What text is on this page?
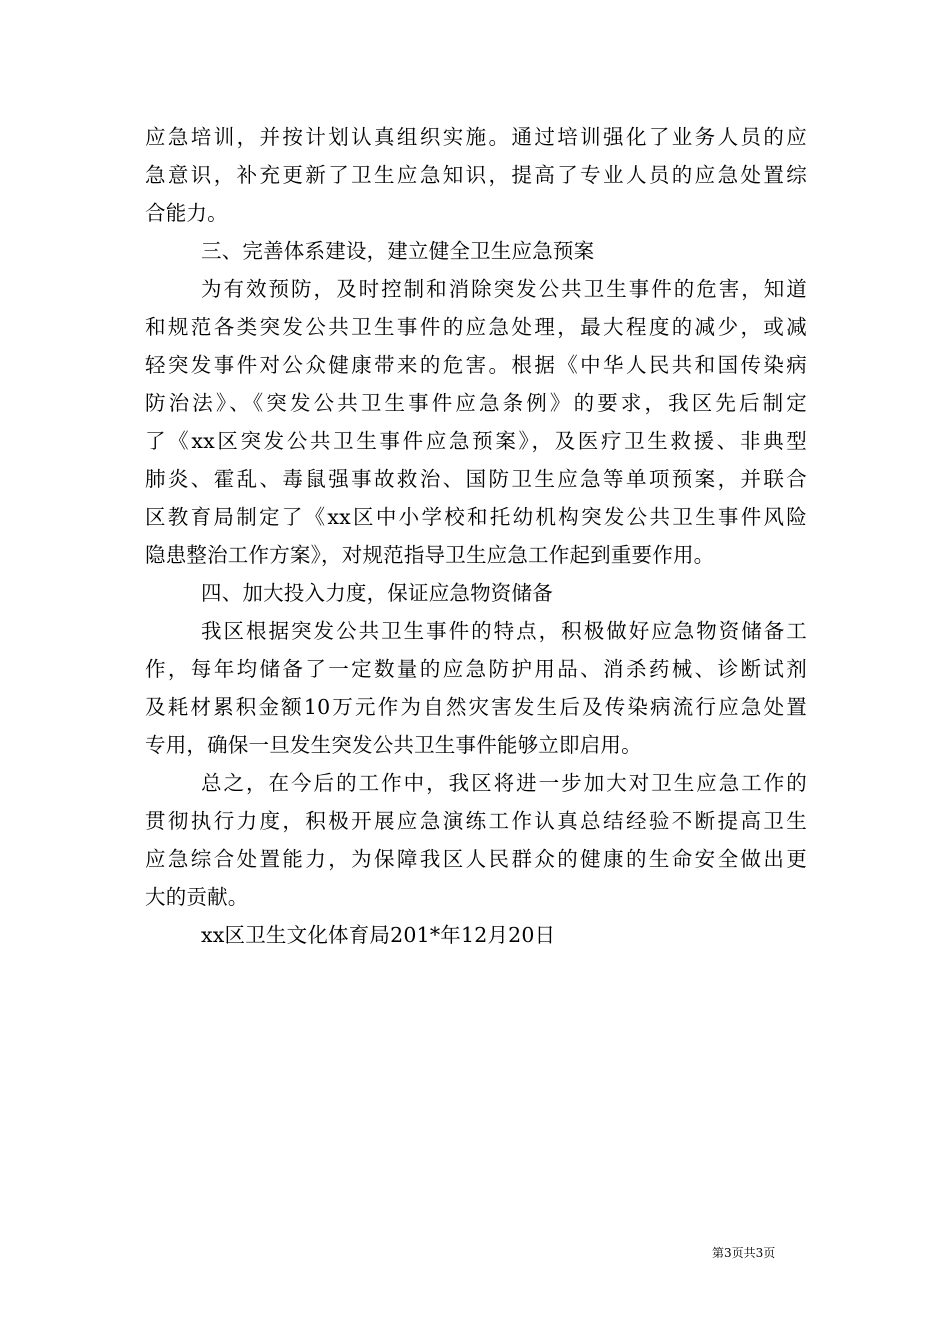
应急培训，并按计划认真组织实施。通过培训强化了业务人员的应
急意识，补充更新了卫生应急知识，提高了专业人员的应急处置综
合能力。
三、完善体系建设，建立健全卫生应急预案
为有效预防，及时控制和消除突发公共卫生事件的危害，知道
和规范各类突发公共卫生事件的应急处理，最大程度的减少，或减
轻突发事件对公众健康带来的危害。根据《中华人民共和国传染病
防治法》、《突发公共卫生事件应急条例》的要求，我区先后制定
了《xx区突发公共卫生事件应急预案》，及医疗卫生救援、非典型
肺炎、霍乱、毒鼠强事故救治、国防卫生应急等单项预案，并联合
区教育局制定了《xx区中小学校和托幼机构突发公共卫生事件风险
隐患整治工作方案》，对规范指导卫生应急工作起到重要作用。
四、加大投入力度，保证应急物资储备
我区根据突发公共卫生事件的特点，积极做好应急物资储备工
作，每年均储备了一定数量的应急防护用品、消杀药械、诊断试剂
及耗材累积金额10万元作为自然灾害发生后及传染病流行应急处置
专用，确保一旦发生突发公共卫生事件能够立即启用。
总之，在今后的工作中，我区将进一步加大对卫生应急工作的
贯彻执行力度，积极开展应急演练工作认真总结经验不断提高卫生
应急综合处置能力，为保障我区人民群众的健康的生命安全做出更
大的贡献。
xx区卫生文化体育局201*年12月20日
第3页共3页
